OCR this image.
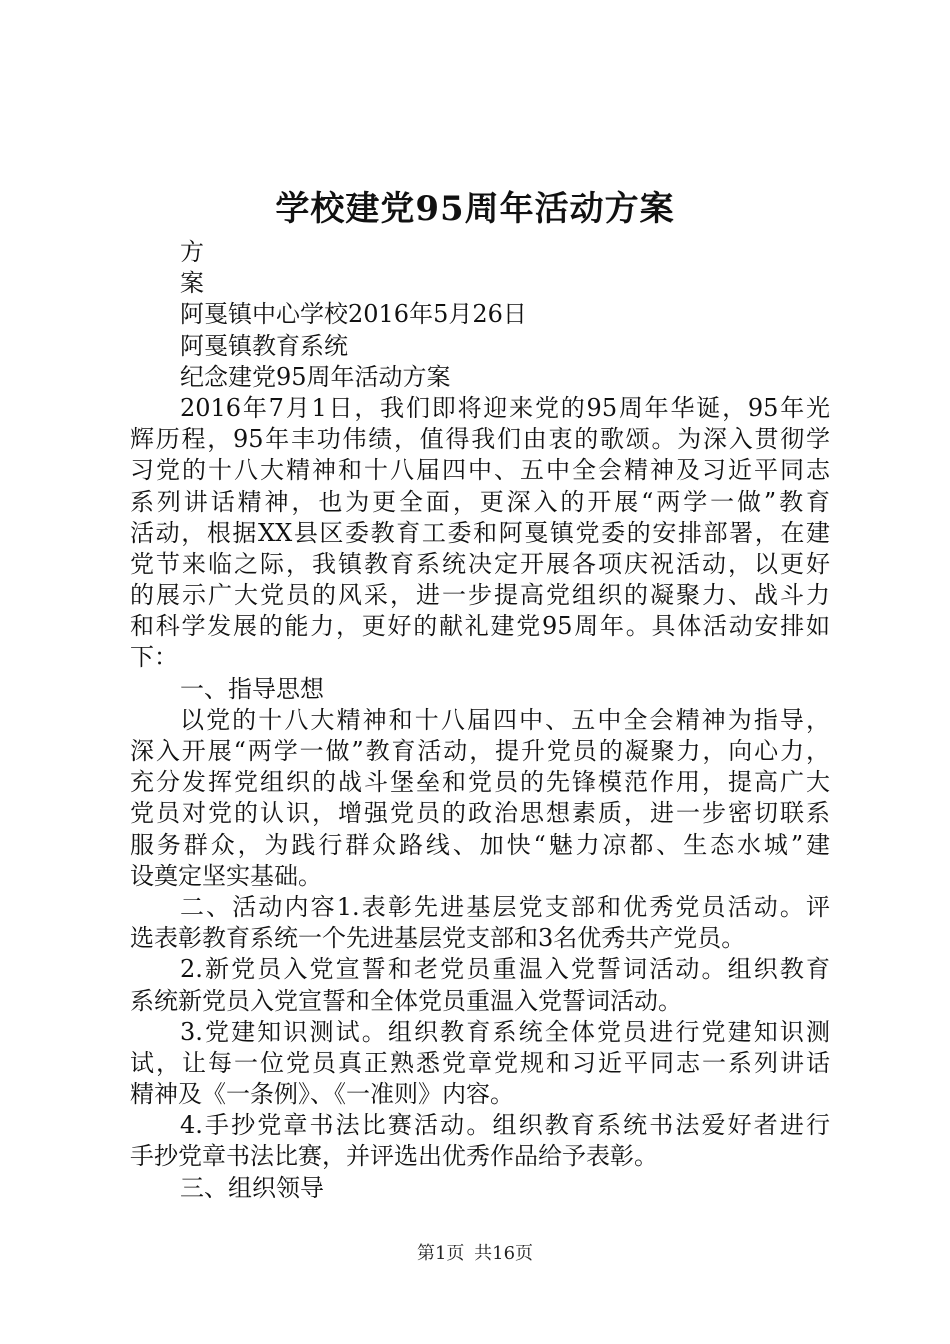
学校建党95周年活动方案
方
案
阿戛镇中心学校2016年5月26日
阿戛镇教育系统
纪念建党95周年活动方案
2016年7月1日，我们即将迎来党的95周年华诞，95年光
辉历程，95年丰功伟绩，值得我们由衷的歌颂。为深入贯彻学
习党的十八大精神和十八届四中、五中全会精神及习近平同志
系列讲话精神，也为更全面，更深入的开展“两学一做”教育
活动，根据XX县区委教育工委和阿戛镇党委的安排部署，在建
党节来临之际，我镇教育系统决定开展各项庆祝活动，以更好
的展示广大党员的风采，进一步提高党组织的凝聚力、战斗力
和科学发展的能力，更好的献礼建党95周年。具体活动安排如
下：
一、指导思想
以党的十八大精神和十八届四中、五中全会精神为指导，
深入开展“两学一做”教育活动，提升党员的凝聚力，向心力，
充分发挥党组织的战斗堡垒和党员的先锋模范作用，提高广大
党员对党的认识，增强党员的政治思想素质，进一步密切联系
服务群众，为践行群众路线、加快“魅力凉都、生态水城”建
设奠定坚实基础。
二、活动内容1.表彰先进基层党支部和优秀党员活动。评
选表彰教育系统一个先进基层党支部和3名优秀共产党员。
2.新党员入党宣誓和老党员重温入党誓词活动。组织教育
系统新党员入党宣誓和全体党员重温入党誓词活动。
3.党建知识测试。组织教育系统全体党员进行党建知识测
试，让每一位党员真正熟悉党章党规和习近平同志一系列讲话
精神及《一条例》、《一准则》内容。
4.手抄党章书法比赛活动。组织教育系统书法爱好者进行
手抄党章书法比赛，并评选出优秀作品给予表彰。
三、组织领导
第1页 共16页
